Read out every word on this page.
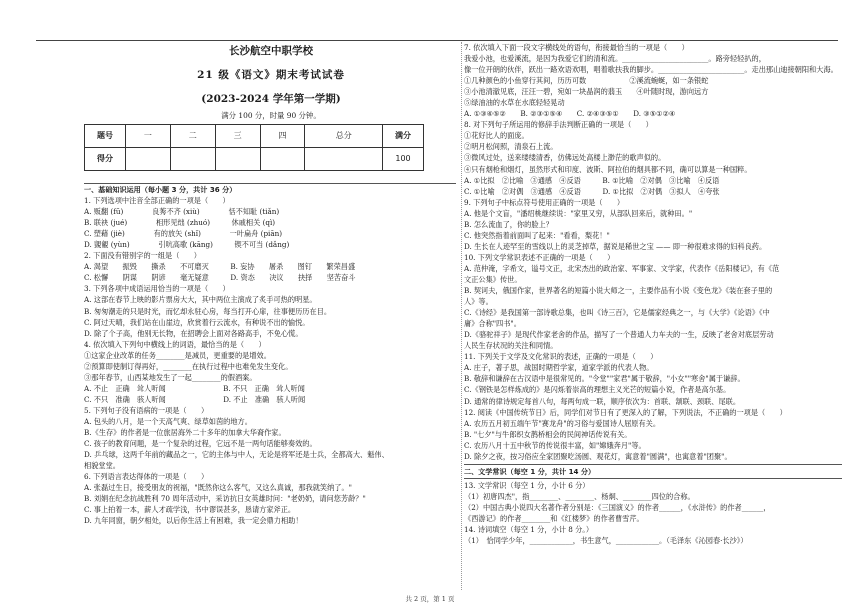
长沙航空中职学校
21 级《语文》期末考试试卷
(2023-2024 学年第一学期)
满分 100 分，时量 90 分钟。
题号	一	二	三	四	总分	满分
得分						100
一、基础知识运用（每小题 3 分，共计 36 分）
1. 下列选项中注音全部正确的一项是（　　）
A. 贩翻 (fū)　　　　良莠不齐 (xiù)　　　　恬不知耻 (tiǎn)
B. 联袂 (jué)　　　　相形见绌 (zhuó)　　　休戚相关 (qì)
C. 塑藉 (jiè)　　　　有的放矢 (shǐ)　　　　一叶扁舟 (piān)
D. 覬覦 (yùn)　　　　引吭高歌 (kāng)　　　锲不可当 (dǎng)
2. 下面没有错别字的一组是（　　）
A. 渴望　　振毁　　撕杀　　不可磨灭　　　B. 妄协　　屠杀　　图钉　　繁荣昌盛
C. 松懈　　阴谋　　阴谚　　毫无疑意　　　D. 资态　　决议　　抉择　　坚苦奋斗
3. 下列各项中成语运用恰当的一项是（　　）
A. 这部在春节上映的影片票房大大，其中两位主演成了炙手可热的明星。
B. 匆匆潮走的只是时光，而忆却永驻心房，每当打开心扉，往事便历历在目。
C. 阿过天晴，我们站在山崖边，欣赏着行云流水，有种说不出的愉悦。
D. 除了个子高，他别无长物，在招聘会上面对各路高手，不免心慌。
4. 依次填入下列句中横线上的词语，最恰当的是（　　）
①这家企业改革的任务________是减员，更重要的是增效。
②预算即使制订得再好，________在执行过程中也难免发生变化。
③那年春节，山西某地发生了一起________的假酒案。
A. 不止　正确　耸人听闻　　　　　　　　B. 不只　正确　耸人听闻
C. 不只　准确　骇人听闻　　　　　　　　D. 不止　准确　骇人听闻
5. 下列句子没有语病的一项是（　　）
A. 包头的八月，是一个天高气爽、绿草如茵的地方。
B.《生存》的作者是一位旅居海外二十多年的加拿大华裔作家。
C. 孩子的教育问题，是一个复杂的过程，它远不是一两句话能够奏效的。
D. 乒乓球，这两千年前的藏品之一，它的主体与中人，无论是将军还是士兵，全都高大、魁伟、
相貌堂堂。
6. 下列语言表达得体的一项是（　　）
A. 张磊过生日，接受朋友的祝福，"既然你这么客气，又这么真诚，那我就笑纳了。"
B. 刘娟在纪念抗战胜利 70 周年活动中，采访抗日女英雄时问："老奶奶，请问您芳龄？"
C. 事上拍着一本，薪人才疏学浅，书中谬误甚多，恳请方家斧正。
D. 九年同窗，朝夕相处，以后你生活上有困难，我一定会鼎力相助！
7. 依次填入下面一段文字横线处的语句，衔接最恰当的一项是（　　）
我爱小池，也爱溪流，是因为我爱它们的清和流。________________________。路旁轻轻扒的，
像一位开朗的伙伴，跃出一路欢语欢唱，唱着歌扶我的脚步。________________________。走出那山迪接朝阳和大海。
①几种颜色的小鱼穿行其间，历历可数　　　　　　②溪流蜿蜒，如一条银蛇
③小池清澈见底，汪汪一碧，宛如一块晶润的翡玉　　④叶随时现，游向远方
⑤绿油油的水草在水底轻轻晃动
A. ①③④⑤②　　B. ②③①⑤④　　C. ②④③⑤①　　D. ③⑤①②④
8. 对下列句子所运用的修辞手法判断正确的一项是（　　）
①花好比人的面庞。
②明月松间照，清泉石上流。
③微风过处，送来缕缕清香，仿佛远处高楼上渺茫的歌声似的。
④只有烟枪和烟灯，虽然形式和印度、波斯、阿拉伯的烟具都不同，确可以算是一种国粹。
A. ①比拟　②比喻　③通感　④反语　　　B. ①比喻　②对偶　③比喻　④反语
C. ①比喻　②对偶　③通感　④反语　　　D. ①比拟　②对偶　③拟人　④夸张
9. 下列句子中标点符号使用正确的一项是（　　）
A. 他是个文盲，"潘绍桃继续说："家里又穷，从部队回来后，就种田。"
B. 怎么流血了，你的脸上？
C. 他突然指着前面叫了起来："看看，梨花！"
D. 生长在人迹罕至的雪线以上的灵芝掉草，据说是稀世之宝 —— 即一种很难求得的妇科良药。
10. 下列文学常识表述不正确的一项是（　　）
A. 范仲淹，字希文，谥号文正，北宋杰出的政治家、军事家、文学家，代表作《岳阳楼记》，有《范
文正公集》传世。
B. 契诃夫，俄国作家，世界著名的短篇小说大师之一，主要作品有小说《变色龙》《装在套子里的
人》等。
C.《诗经》是我国第一部诗歌总集，也叫《诗三百》，它是儒家经典之一，与《大学》《论语》《中
庸》合称"四书"。
D.《骆驼祥子》是现代作家老舍的作品，描写了一个普通人力车夫的一生，反映了老舍对底层劳动
人民生存状况的关注和同情。
11. 下列关于文学及文化常识的表述，正确的一项是（　　）
A. 庄子，著子思，战国时期哲学家，道家学派的代表人物。
B. 敬辞和谦辞在古汉语中是很常见的。"令堂""家君"属于敬辞，"小女""寒舍"属于谦辞。
C.《钢铁是怎样炼成的》是闪烁着崇高的理想主义光芒的短篇小说，作者是高尔基。
D. 通常的律诗规定每首八句，每两句成一联，顺序依次为：首联、颔联、颈联、尾联。
12. 阅读《中国传统节日》后，同学们对节日有了更深入的了解，下列说法，不正确的一项是（　　）
A. 农历五月初五端午节"赛龙舟"的习俗与爱国诗人屈原有关。
B. "七夕"与牛郎织女鹊桥相会的民间神话传说有关。
C. 农历八月十五中秋节的传说很丰富，如"嫦娥奔月"等。
D. 除夕之夜，按习俗应全家团聚吃汤圆、观花灯，寓意着"圆满"，也寓意着"团聚"。
二、文学常识（每空 1 分，共计 14 分）
13. 文学常识（每空 1 分，小计 6 分）
（1）初唐四杰"，指________、________、杨炯、________四位的合称。
（2）中国古典小说四大名著作者分别是：《三国演义》的作者______，《水浒传》的作者______，
《西游记》的作者________和《红楼梦》的作者曹雪芹。
14. 诗词填空（每空 1 分，小计 8 分。）
（1）　恰同学少年，____________，书生意气，____________。（毛泽东《沁园春·长沙》）
共 2 页，第 1 页
